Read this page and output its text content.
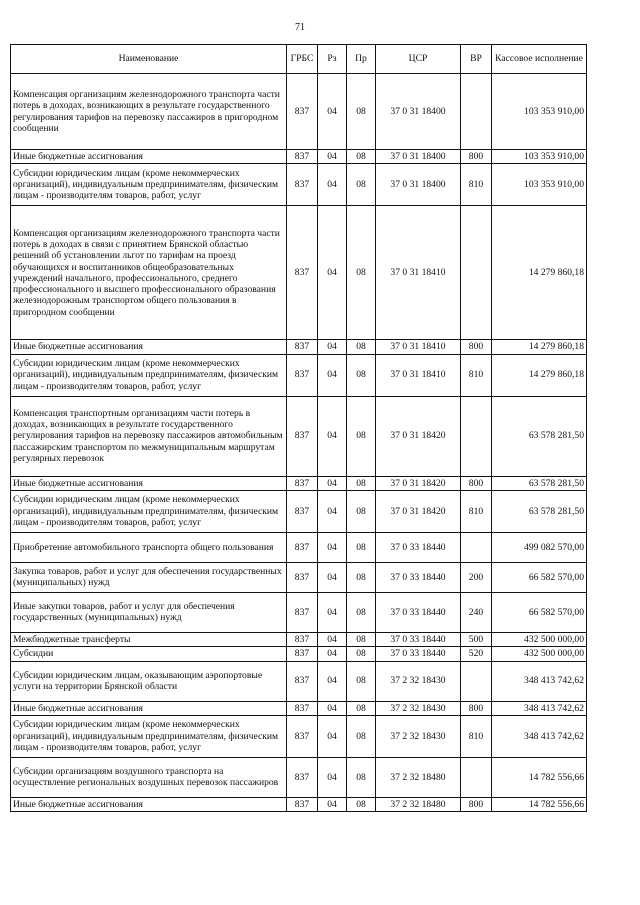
71
Наименование	ГРБС	Рз	Пр	ЦСР	ВР	Кассовое исполнение
Компенсация организациям железнодорожного транспорта части потерь в доходах, возникающих в результате государственного регулирования тарифов на перевозку пассажиров в пригородном сообщении	837	04	08	37 0 31 18400		103 353 910,00
Иные бюджетные ассигнования	837	04	08	37 0 31 18400	800	103 353 910,00
Субсидии юридическим лицам (кроме некоммерческих организаций), индивидуальным предпринимателям, физическим лицам - производителям товаров, работ, услуг	837	04	08	37 0 31 18400	810	103 353 910,00
Компенсация организациям железнодорожного транспорта части потерь в доходах в связи с принятием Брянской областью решений об установлении льгот по тарифам на проезд обучающихся и воспитанников общеобразовательных учреждений начального, профессионального, среднего профессионального и высшего профессионального образования железнодорожным транспортом общего пользования в пригородном сообщении	837	04	08	37 0 31 18410		14 279 860,18
Иные бюджетные ассигнования	837	04	08	37 0 31 18410	800	14 279 860,18
Субсидии юридическим лицам (кроме некоммерческих организаций), индивидуальным предпринимателям, физическим лицам - производителям товаров, работ, услуг	837	04	08	37 0 31 18410	810	14 279 860,18
Компенсация транспортным организациям части потерь в доходах, возникающих в результате государственного регулирования тарифов на перевозку пассажиров автомобильным пассажирским транспортом по межмуниципальным маршрутам регулярных перевозок	837	04	08	37 0 31 18420		63 578 281,50
Иные бюджетные ассигнования	837	04	08	37 0 31 18420	800	63 578 281,50
Субсидии юридическим лицам (кроме некоммерческих организаций), индивидуальным предпринимателям, физическим лицам - производителям товаров, работ, услуг	837	04	08	37 0 31 18420	810	63 578 281,50
Приобретение автомобильного транспорта общего пользования	837	04	08	37 0 33 18440		499 082 570,00
Закупка товаров, работ и услуг для обеспечения государственных (муниципальных) нужд	837	04	08	37 0 33 18440	200	66 582 570,00
Иные закупки товаров, работ и услуг для обеспечения государственных (муниципальных) нужд	837	04	08	37 0 33 18440	240	66 582 570,00
Межбюджетные трансферты	837	04	08	37 0 33 18440	500	432 500 000,00
Субсидии	837	04	08	37 0 33 18440	520	432 500 000,00
Субсидии юридическим лицам, оказывающим аэропортовые услуги на территории Брянской области	837	04	08	37 2 32 18430		348 413 742,62
Иные бюджетные ассигнования	837	04	08	37 2 32 18430	800	348 413 742,62
Субсидии юридическим лицам (кроме некоммерческих организаций), индивидуальным предпринимателям, физическим лицам - производителям товаров, работ, услуг	837	04	08	37 2 32 18430	810	348 413 742,62
Субсидии организациям воздушного транспорта на осуществление региональных воздушных перевозок пассажиров	837	04	08	37 2 32 18480		14 782 556,66
Иные бюджетные ассигнования	837	04	08	37 2 32 18480	800	14 782 556,66
